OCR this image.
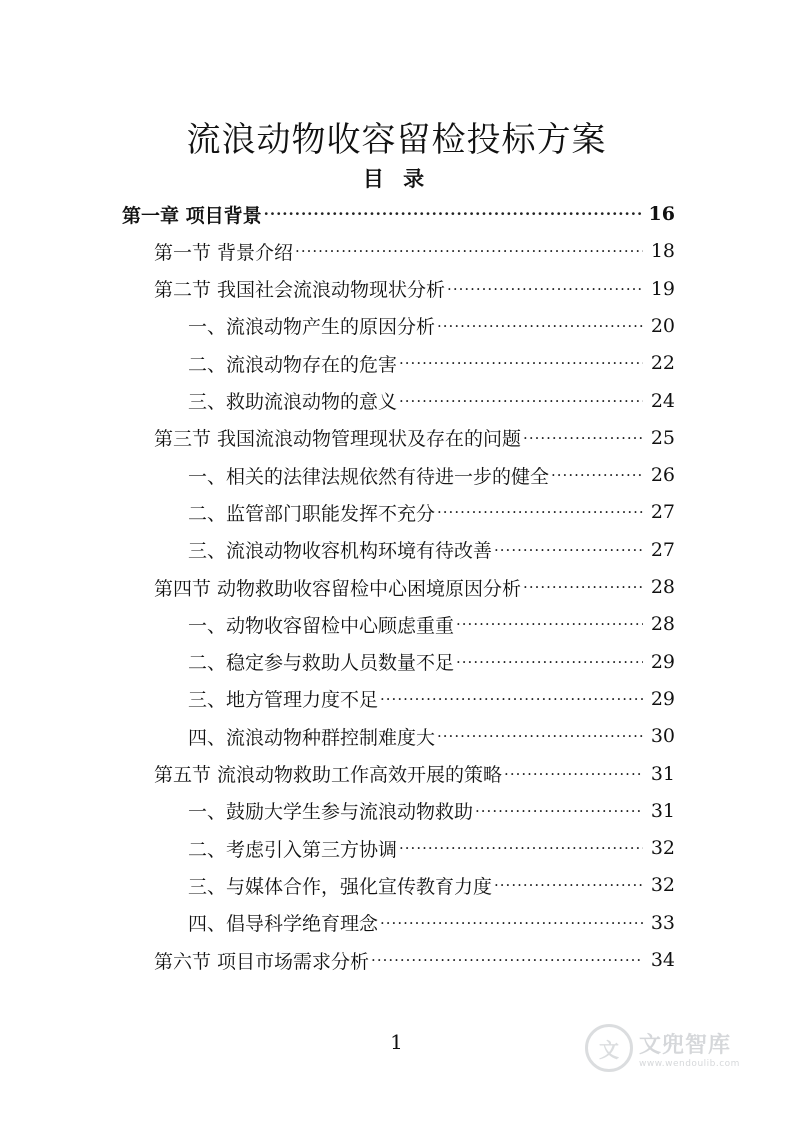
流浪动物收容留检投标方案
目 录
第一章 项目背景 ·····	16
第一节 背景介绍 ·····	18
第二节 我国社会流浪动物现状分析 ·····	19
一、流浪动物产生的原因分析 ·····	20
二、流浪动物存在的危害 ·····	22
三、救助流浪动物的意义 ·····	24
第三节 我国流浪动物管理现状及存在的问题 ·····	25
一、相关的法律法规依然有待进一步的健全 ·····	26
二、监管部门职能发挥不充分 ·····	27
三、流浪动物收容机构环境有待改善 ·····	27
第四节 动物救助收容留检中心困境原因分析 ·····	28
一、动物收容留检中心顾虑重重 ·····	28
二、稳定参与救助人员数量不足 ·····	29
三、地方管理力度不足 ·····	29
四、流浪动物种群控制难度大 ·····	30
第五节 流浪动物救助工作高效开展的策略 ·····	31
一、鼓励大学生参与流浪动物救助 ·····	31
二、考虑引入第三方协调 ·····	32
三、与媒体合作，强化宣传教育力度 ·····	32
四、倡导科学绝育理念 ·····	33
第六节 项目市场需求分析 ·····	34
1	文 文兜智库
www.wendoulib.com
